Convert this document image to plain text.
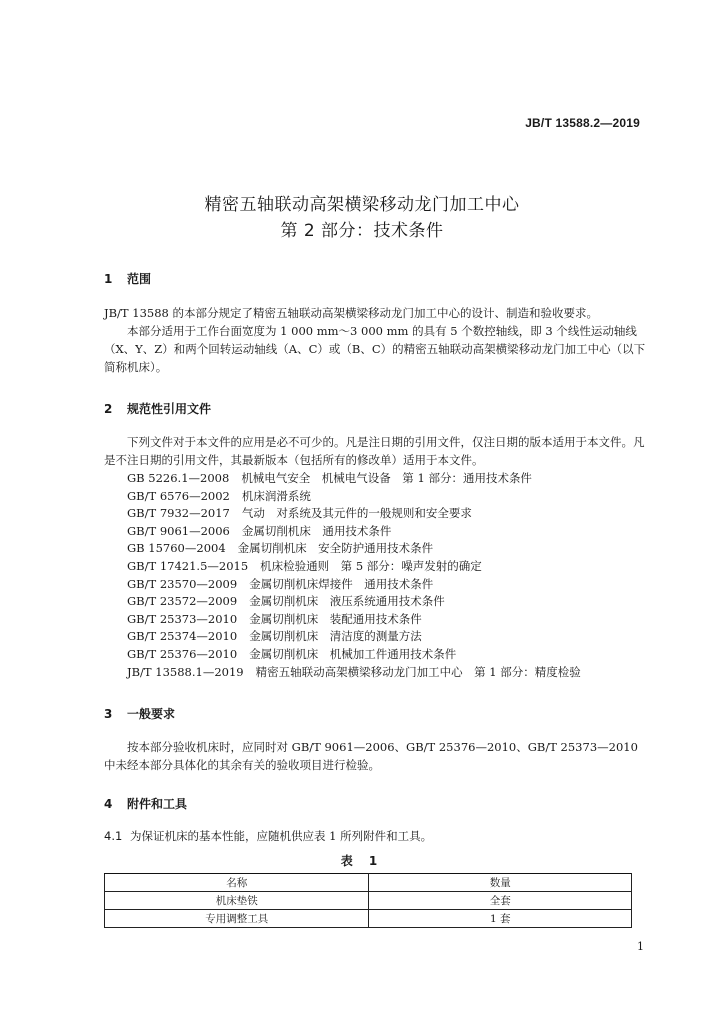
JB/T 13588.2—2019
精密五轴联动高架横梁移动龙门加工中心
第 2 部分：技术条件
1 范围

JB/T 13588 的本部分规定了精密五轴联动高架横梁移动龙门加工中心的设计、制造和验收要求。

本部分适用于工作台面宽度为 1 000 mm～3 000 mm 的具有 5 个数控轴线，即 3 个线性运动轴线（X、Y、Z）和两个回转运动轴线（A、C）或（B、C）的精密五轴联动高架横梁移动龙门加工中心（以下简称机床）。

2 规范性引用文件

下列文件对于本文件的应用是必不可少的。凡是注日期的引用文件，仅注日期的版本适用于本文件。凡是不注日期的引用文件，其最新版本（包括所有的修改单）适用于本文件。

GB 5226.1—2008 机械电气安全　机械电气设备　第 1 部分：通用技术条件
GB/T 6576—2002 机床润滑系统
GB/T 7932—2017 气动　对系统及其元件的一般规则和安全要求
GB/T 9061—2006 金属切削机床　通用技术条件
GB 15760—2004 金属切削机床　安全防护通用技术条件
GB/T 17421.5—2015 机床检验通则　第 5 部分：噪声发射的确定
GB/T 23570—2009 金属切削机床焊接件　通用技术条件
GB/T 23572—2009 金属切削机床　液压系统通用技术条件
GB/T 25373—2010 金属切削机床　装配通用技术条件
GB/T 25374—2010 金属切削机床　清洁度的测量方法
GB/T 25376—2010 金属切削机床　机械加工件通用技术条件
JB/T 13588.1—2019 精密五轴联动高架横梁移动龙门加工中心　第 1 部分：精度检验
3 一般要求

按本部分验收机床时，应同时对 GB/T 9061—2006、GB/T 25376—2010、GB/T 25373—2010 中未经本部分具体化的其余有关的验收项目进行检验。

4 附件和工具
4.1 为保证机床的基本性能，应随机供应表 1 所列附件和工具。
表 1
名称	数量
机床垫铁	全套
专用调整工具	1 套
1
